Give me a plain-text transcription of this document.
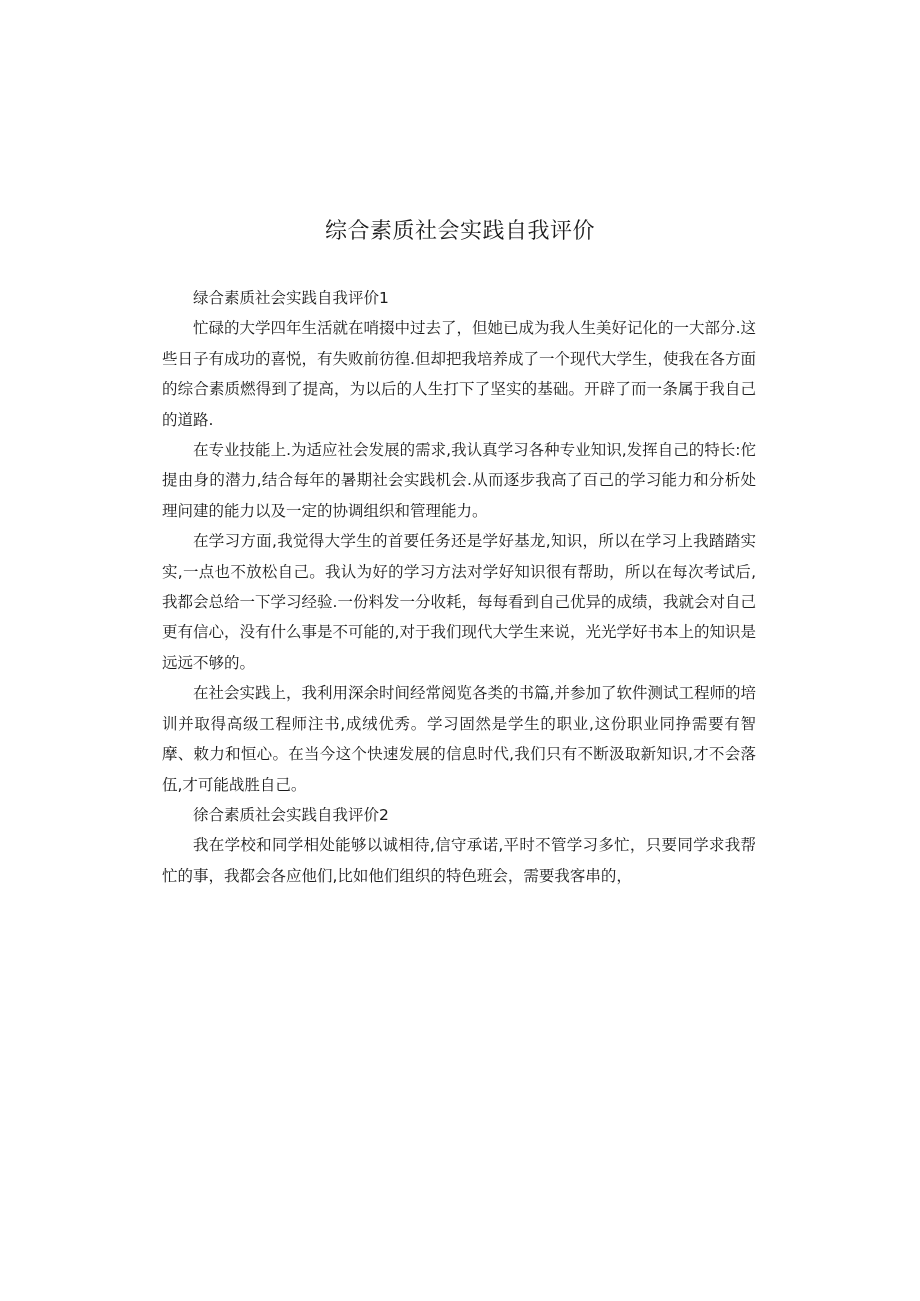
综合素质社会实践自我评价

绿合素质社会实践自我评价1

忙碌的大学四年生活就在哨掇中过去了，但她已成为我人生美好记化的一大部分.这些日子有成功的喜悦，有失败前彷徨.但却把我培养成了一个现代大学生，使我在各方面的综合素质燃得到了提高，为以后的人生打下了坚实的基础。开辟了而一条属于我自己的道路.

在专业技能上.为适应社会发展的需求,我认真学习各种专业知识,发挥自己的特长:佗提由身的潜力,结合每年的暑期社会实践机会.从而逐步我高了百己的学习能力和分析处理问建的能力以及一定的协调组织和管理能力。

在学习方面,我觉得大学生的首要任务还是学好基龙,知识，所以在学习上我踏踏实实,一点也不放松自己。我认为好的学习方法对学好知识很有帮助，所以在每次考试后,我都会总给一下学习经验.一份料发一分收耗，每每看到自己优异的成绩，我就会对自己更有信心，没有什么事是不可能的,对于我们现代大学生来说，光光学好书本上的知识是远远不够的。

在社会实践上，我利用深余时间经常阅览各类的书篇,并参加了软件测试工程师的培训并取得高级工程师注书,成绒优秀。学习固然是学生的职业,这份职业同挣需要有智摩、敕力和恒心。在当今这个快速发展的信息时代,我们只有不断汲取新知识,才不会落伍,才可能战胜自己。

徐合素质社会实践自我评价2

我在学校和同学相处能够以诚相待,信守承诺,平时不管学习多忙，只要同学求我帮忙的事，我都会各应他们,比如他们组织的特色班会，需要我客串的，
